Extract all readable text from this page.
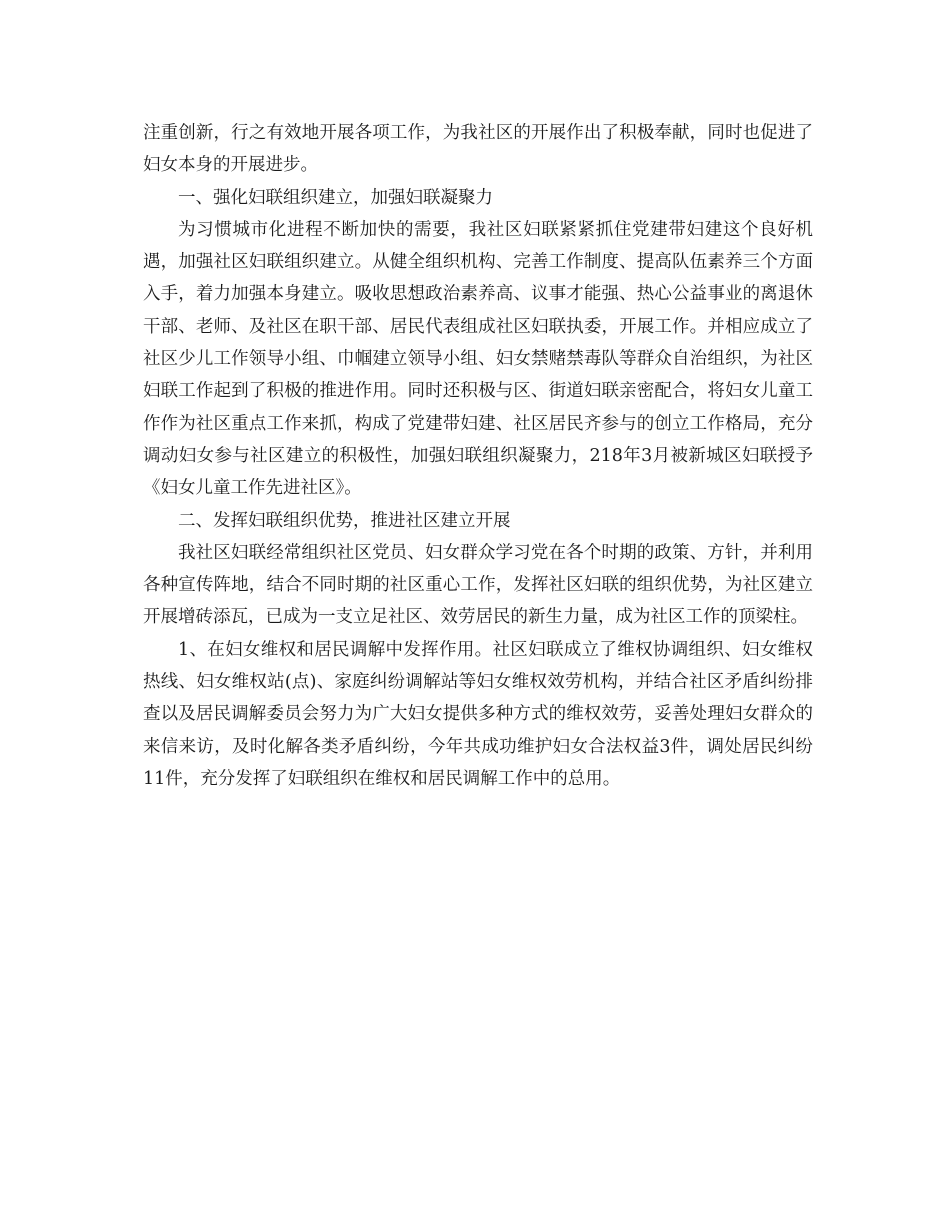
注重创新，行之有效地开展各项工作，为我社区的开展作出了积极奉献，同时也促进了妇女本身的开展进步。

一、强化妇联组织建立，加强妇联凝聚力

为习惯城市化进程不断加快的需要，我社区妇联紧紧抓住党建带妇建这个良好机遇，加强社区妇联组织建立。从健全组织机构、完善工作制度、提高队伍素养三个方面入手，着力加强本身建立。吸收思想政治素养高、议事才能强、热心公益事业的离退休干部、老师、及社区在职干部、居民代表组成社区妇联执委，开展工作。并相应成立了社区少儿工作领导小组、巾帼建立领导小组、妇女禁赌禁毒队等群众自治组织，为社区妇联工作起到了积极的推进作用。同时还积极与区、街道妇联亲密配合，将妇女儿童工作作为社区重点工作来抓，构成了党建带妇建、社区居民齐参与的创立工作格局，充分调动妇女参与社区建立的积极性，加强妇联组织凝聚力，218年3月被新城区妇联授予《妇女儿童工作先进社区》。

二、发挥妇联组织优势，推进社区建立开展

我社区妇联经常组织社区党员、妇女群众学习党在各个时期的政策、方针，并利用各种宣传阵地，结合不同时期的社区重心工作，发挥社区妇联的组织优势，为社区建立开展增砖添瓦，已成为一支立足社区、效劳居民的新生力量，成为社区工作的顶梁柱。

1、在妇女维权和居民调解中发挥作用。社区妇联成立了维权协调组织、妇女维权热线、妇女维权站(点)、家庭纠纷调解站等妇女维权效劳机构，并结合社区矛盾纠纷排查以及居民调解委员会努力为广大妇女提供多种方式的维权效劳，妥善处理妇女群众的来信来访，及时化解各类矛盾纠纷，今年共成功维护妇女合法权益3件，调处居民纠纷11件，充分发挥了妇联组织在维权和居民调解工作中的总用。
